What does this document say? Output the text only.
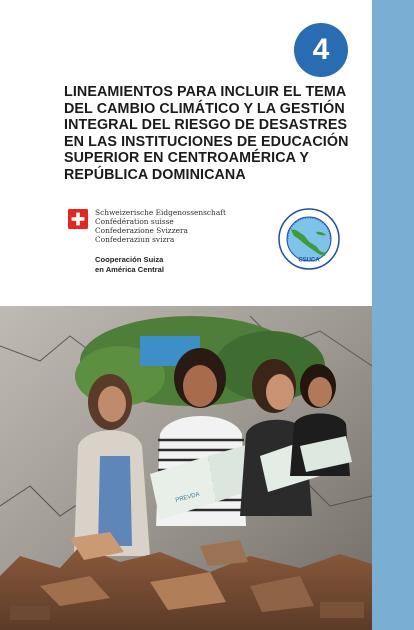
4
LINEAMIENTOS PARA INCLUIR EL TEMA
DEL CAMBIO CLIMÁTICO Y LA GESTIÓN
INTEGRAL DEL RIESGO DE DESASTRES
EN LAS INSTITUCIONES DE EDUCACIÓN
SUPERIOR EN CENTROAMÉRICA Y
REPÚBLICA DOMINICANA
Schweizerische Eidgenossenschaft
Confédération suisse
Confederazione Svizzera
Confederaziun svizra
Cooperación Suiza
en América Central
CSUCA
PREVDA
